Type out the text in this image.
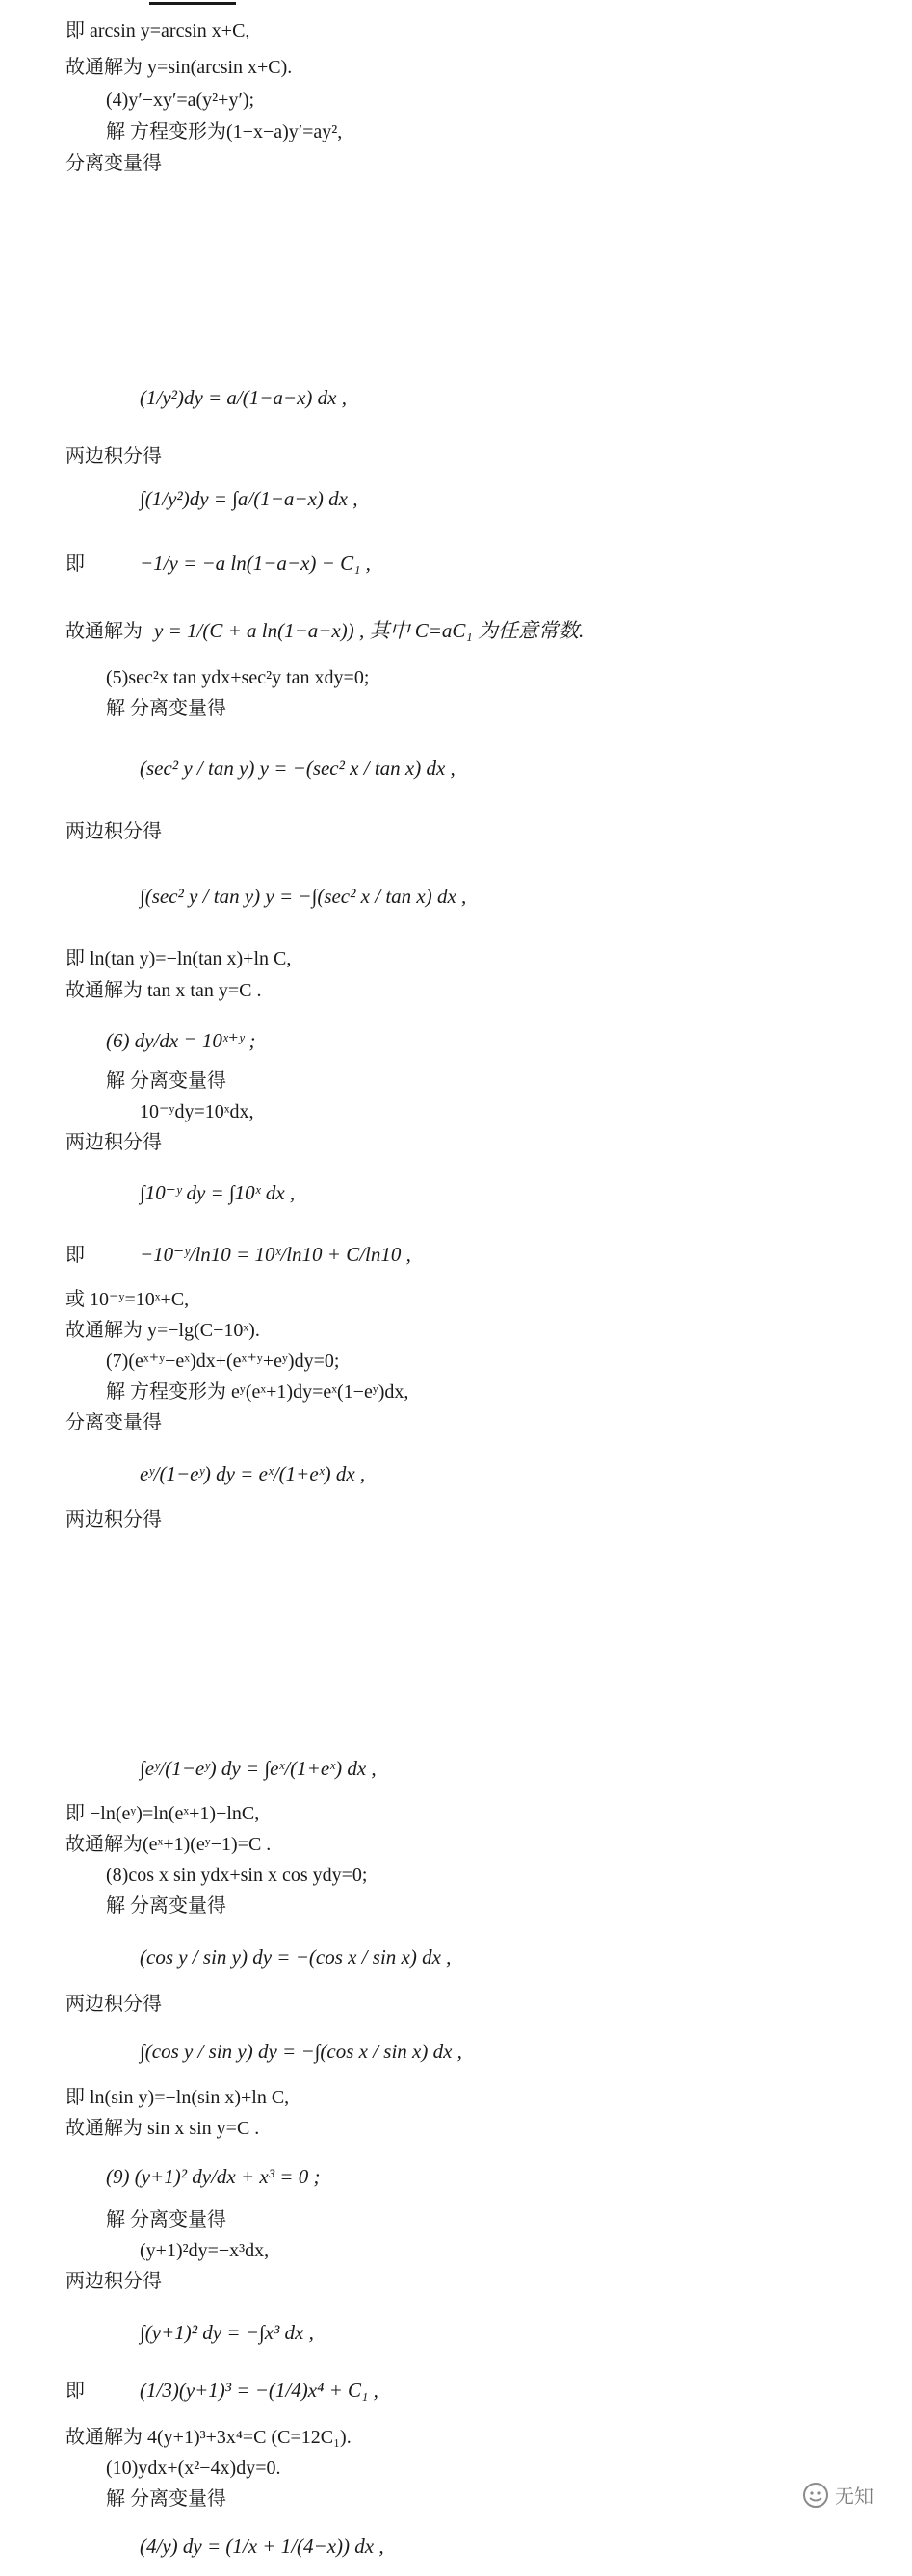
即 arcsin y=arcsin x+C,
故通解为 y=sin(arcsin x+C).
(4)y′−xy′=a(y²+y′);
解 方程变形为(1−x−a)y′=ay²,
分离变量得
两边积分得
(5)sec²x tan ydx+sec²y tan xdy=0;
解 分离变量得
两边积分得
即 ln(tan y)=−ln(tan x)+ln C,
故通解为 tan x tan y=C .
解 分离变量得
10⁻ʸdy=10ˣdx,
两边积分得
或 10⁻ʸ=10ˣ+C,
故通解为 y=−lg(C−10ˣ).
(7)(eˣ⁺ʸ−eˣ)dx+(eˣ⁺ʸ+eʸ)dy=0;
解 方程变形为 eʸ(eˣ+1)dy=eˣ(1−eʸ)dx,
分离变量得
两边积分得
即 −ln(eʸ)=ln(eˣ+1)−lnC,
故通解为(eˣ+1)(eʸ−1)=C .
(8)cos x sin ydx+sin x cos ydy=0;
解 分离变量得
两边积分得
即 ln(sin y)=−ln(sin x)+ln C,
故通解为 sin x sin y=C .
解 分离变量得
(y+1)²dy=−x³dx,
两边积分得
故通解为 4(y+1)³+3x⁴=C (C=12C₁).
(10)ydx+(x²−4x)dy=0.
解 分离变量得
(1/y²)dy = a/(1−a−x) dx ,
∫(1/y²)dy = ∫a/(1−a−x) dx ,
即	−1/y = −a ln(1−a−x) − C₁ ,
故通解为 y = 1/(C + a ln(1−a−x)) , 其中 C=aC₁ 为任意常数.
(sec² y / tan y) y = −(sec² x / tan x) dx ,
∫(sec² y / tan y) y = −∫(sec² x / tan x) dx ,
(6) dy/dx = 10ˣ⁺ʸ ;
∫10⁻ʸ dy = ∫10ˣ dx ,
即	−10⁻ʸ/ln10 = 10ˣ/ln10 + C/ln10 ,
eʸ/(1−eʸ) dy = eˣ/(1+eˣ) dx ,
∫eʸ/(1−eʸ) dy = ∫eˣ/(1+eˣ) dx ,
(cos y / sin y) dy = −(cos x / sin x) dx ,
∫(cos y / sin y) dy = −∫(cos x / sin x) dx ,
(9) (y+1)² dy/dx + x³ = 0 ;
∫(y+1)² dy = −∫x³ dx ,
即	(1/3)(y+1)³ = −(1/4)x⁴ + C₁ ,
(4/y) dy = (1/x + 1/(4−x)) dx ,
无知
